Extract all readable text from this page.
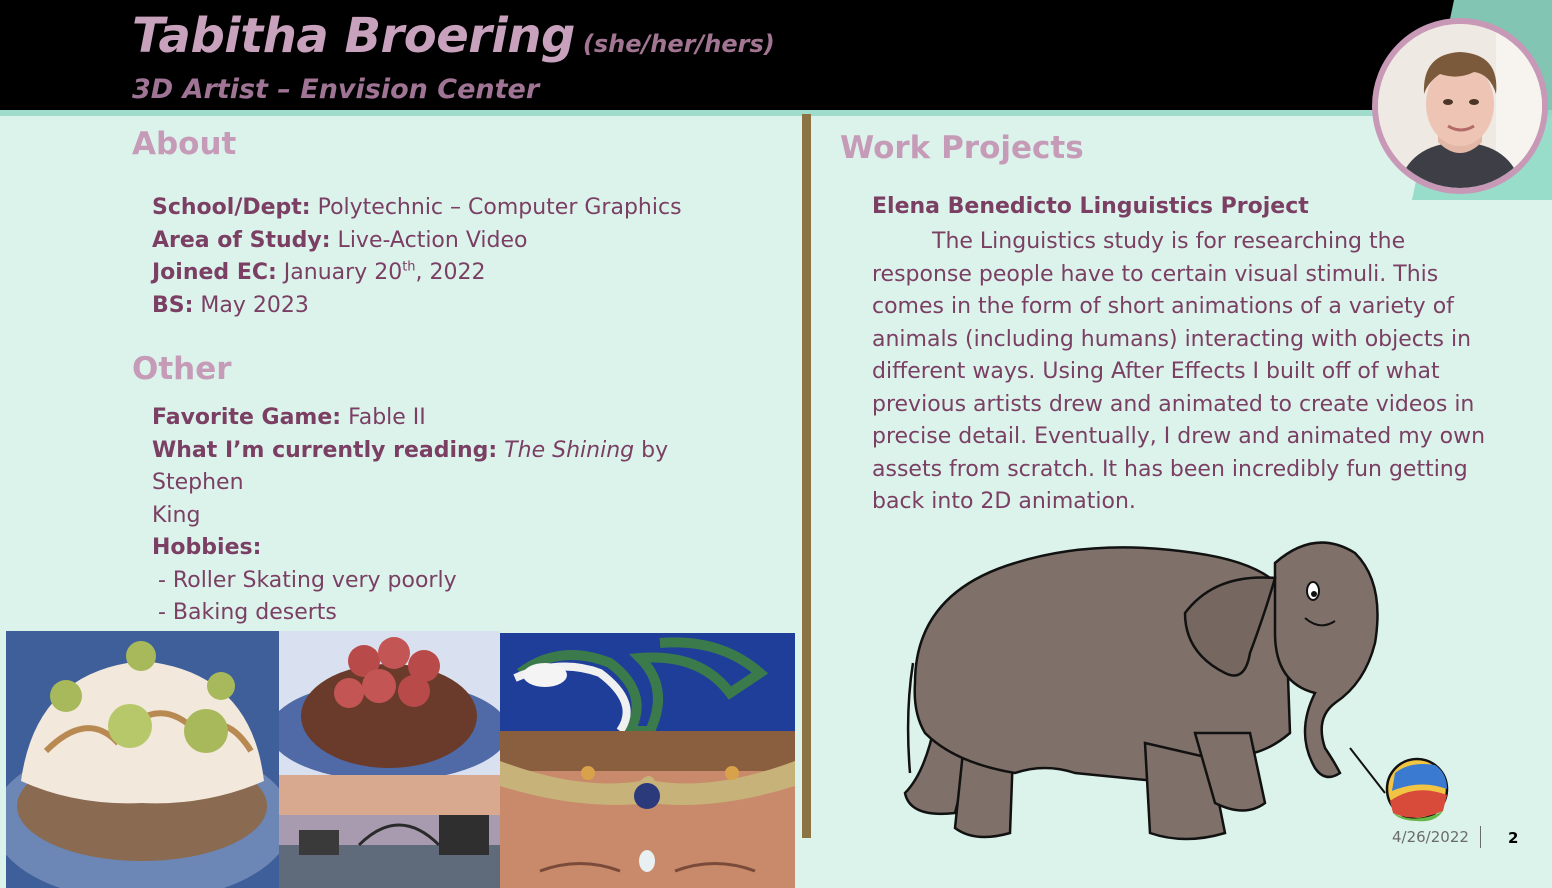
Tabitha Broering (she/her/hers)
3D Artist – Envision Center
About
School/Dept: Polytechnic – Computer Graphics
Area of Study: Live-Action Video
Joined EC: January 20th, 2022
BS: May 2023
Other
Favorite Game: Fable II
What I’m currently reading: The Shining by Stephen
King
Hobbies:
- Roller Skating very poorly
- Baking deserts
Work Projects
Elena Benedicto Linguistics Project

The Linguistics study is for researching the response people have to certain visual stimuli. This comes in the form of short animations of a variety of animals (including humans) interacting with objects in different ways. Using After Effects I built off of what previous artists drew and animated to create videos in precise detail. Eventually, I drew and animated my own assets from scratch. It has been incredibly fun getting back into 2D animation.

4/26/2022	2
